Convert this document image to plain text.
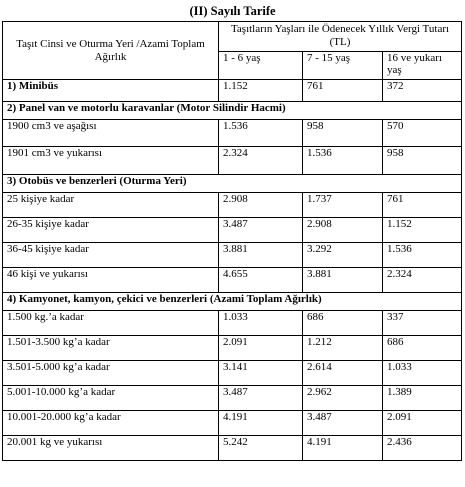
(II) Sayılı Tarife
Taşıt Cinsi ve Oturma Yeri /Azami Toplam Ağırlık	Taşıtların Yaşları ile Ödenecek Yıllık Vergi Tutarı (TL)		
	1 - 6 yaş	7 - 15 yaş	16 ve yukarı yaş
1) Minibüs	1.152	761	372
2) Panel van ve motorlu karavanlar (Motor Silindir Hacmi)			
1900 cm3 ve aşağısı	1.536	958	570
1901 cm3 ve yukarısı	2.324	1.536	958
3) Otobüs ve benzerleri (Oturma Yeri)			
25 kişiye kadar	2.908	1.737	761
26-35 kişiye kadar	3.487	2.908	1.152
36-45 kişiye kadar	3.881	3.292	1.536
46 kişi ve yukarısı	4.655	3.881	2.324
4) Kamyonet, kamyon, çekici ve benzerleri (Azami Toplam Ağırlık)			
1.500 kg.’a kadar	1.033	686	337
1.501-3.500 kg’a kadar	2.091	1.212	686
3.501-5.000 kg’a kadar	3.141	2.614	1.033
5.001-10.000 kg’a kadar	3.487	2.962	1.389
10.001-20.000 kg’a kadar	4.191	3.487	2.091
20.001 kg ve yukarısı	5.242	4.191	2.436
